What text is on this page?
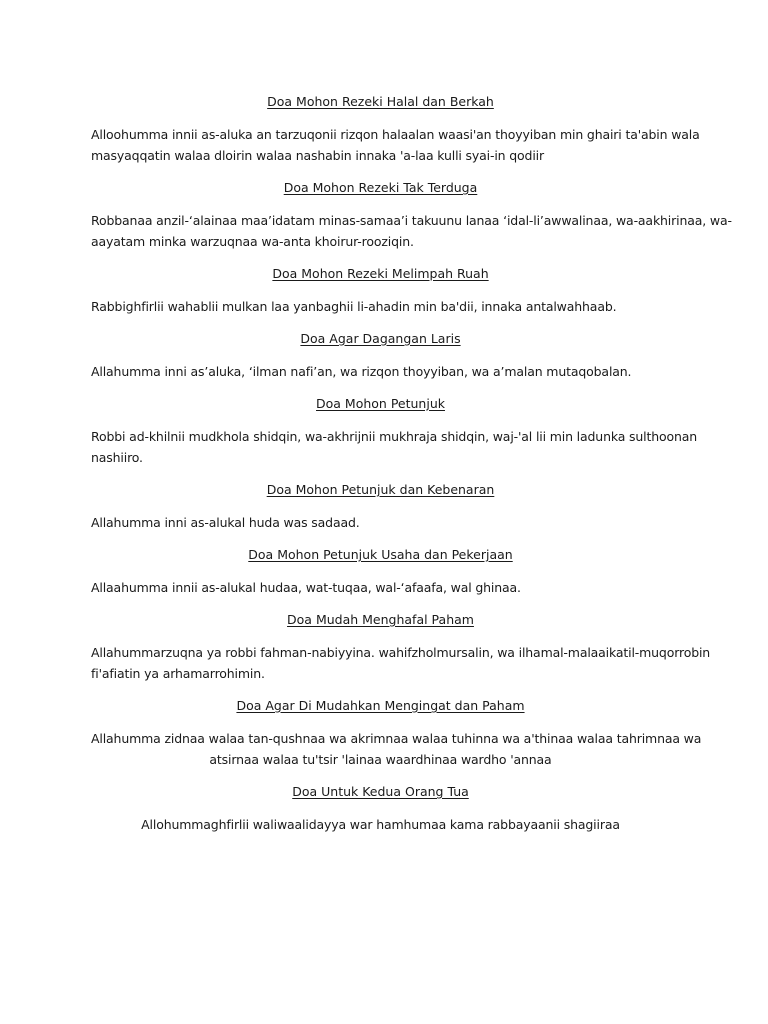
Doa Mohon Rezeki Halal dan Berkah
Alloohumma innii as-aluka an tarzuqonii rizqon halaalan waasi'an thoyyiban min ghairi ta'abin wala
masyaqqatin walaa dloirin walaa nashabin innaka 'a-laa kulli syai-in qodiir
Doa Mohon Rezeki Tak Terduga
Robbanaa anzil-‘alainaa maa’idatam minas-samaa’i takuunu lanaa ‘idal-li’awwalinaa, wa-aakhirinaa, wa-
aayatam minka warzuqnaa wa-anta khoirur-rooziqin.
Doa Mohon Rezeki Melimpah Ruah
Rabbighfirlii wahablii mulkan laa yanbaghii li-ahadin min ba'dii, innaka antalwahhaab.
Doa Agar Dagangan Laris
Allahumma inni as’aluka, ‘ilman nafi’an, wa rizqon thoyyiban, wa a’malan mutaqobalan.
Doa Mohon Petunjuk
Robbi ad-khilnii mudkhola shidqin, wa-akhrijnii mukhraja shidqin, waj-'al lii min ladunka sulthoonan
nashiiro.
Doa Mohon Petunjuk dan Kebenaran
Allahumma inni as-alukal huda was sadaad.
Doa Mohon Petunjuk Usaha dan Pekerjaan
Allaahumma innii as-alukal hudaa, wat-tuqaa, wal-‘afaafa, wal ghinaa.
Doa Mudah Menghafal Paham
Allahummarzuqna ya robbi fahman-nabiyyina. wahifzholmursalin, wa ilhamal-malaaikatil-muqorrobin
fi'afiatin ya arhamarrohimin.
Doa Agar Di Mudahkan Mengingat dan Paham
Allahumma zidnaa walaa tan-qushnaa wa akrimnaa walaa tuhinna wa a'thinaa walaa tahrimnaa wa
atsirnaa walaa tu'tsir 'lainaa waardhinaa wardho 'annaa
Doa Untuk Kedua Orang Tua
Allohummaghfirlii waliwaalidayya war hamhumaa kama rabbayaanii shagiiraa
